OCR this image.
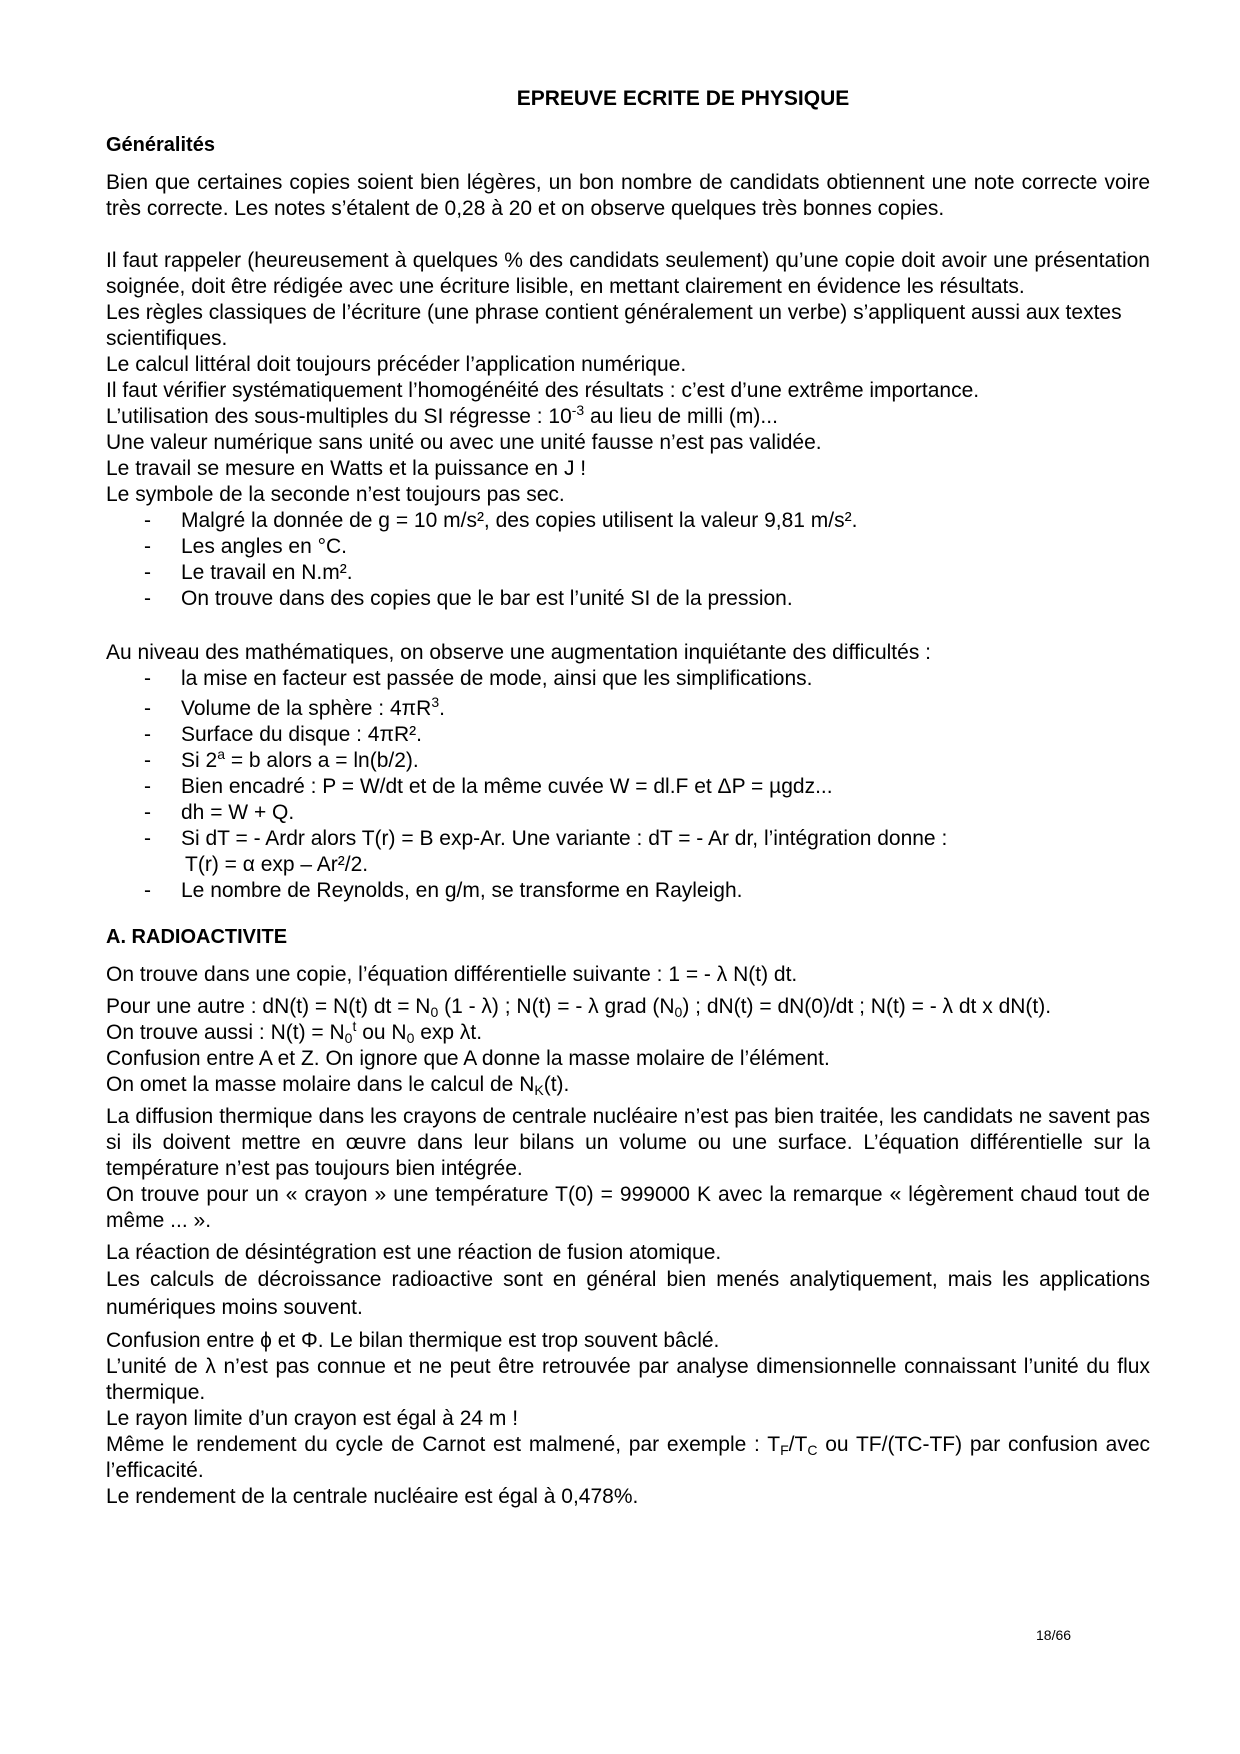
EPREUVE ECRITE DE PHYSIQUE
Généralités

Bien que certaines copies soient bien légères, un bon nombre de candidats obtiennent une note correcte voire très correcte. Les notes s’étalent de 0,28 à 20 et on observe quelques très bonnes copies.

Il faut rappeler (heureusement à quelques % des candidats seulement) qu’une copie doit avoir une présentation soignée, doit être rédigée avec une écriture lisible, en mettant clairement en évidence les résultats.

Les règles classiques de l’écriture (une phrase contient généralement un verbe) s’appliquent aussi aux textes scientifiques.

Le calcul littéral doit toujours précéder l’application numérique.

Il faut vérifier systématiquement l’homogénéité des résultats : c’est d’une extrême importance.

L’utilisation des sous-multiples du SI régresse : $10^{-3}$ au lieu de milli (m)...

Une valeur numérique sans unité ou avec une unité fausse n’est pas validée.

Le travail se mesure en Watts et la puissance en J !

Le symbole de la seconde n’est toujours pas sec.

- Malgré la donnée de g = 10 m/s², des copies utilisent la valeur 9,81 m/s².
- Les angles en °C.
- Le travail en N.m².
- On trouve dans des copies que le bar est l’unité SI de la pression.

Au niveau des mathématiques, on observe une augmentation inquiétante des difficultés :

- la mise en facteur est passée de mode, ainsi que les simplifications.
- Volume de la sphère : $4\pi R^3$.
- Surface du disque : 4πR².
- Si $2^a = b$ alors a = ln(b/2).
- Bien encadré : P = W/dt et de la même cuvée W = dl.F et ΔP = µgdz...
- dh = W + Q.
- Si dT = - Ardr alors T(r) = B exp-Ar. Une variante : dT = - Ar dr, l’intégration donne :
T(r) = α exp – Ar²/2.
- Le nombre de Reynolds, en g/m, se transforme en Rayleigh.
A. RADIOACTIVITE

On trouve dans une copie, l’équation différentielle suivante : 1 = - λ N(t) dt.

Pour une autre : dN(t) = N(t) dt = $N_0$ (1 - λ) ; N(t) = - λ grad $(N_0)$ ; dN(t) = dN(0)/dt ; N(t) = - λ dt x dN(t).

On trouve aussi : $N(t) = N_0^t$ ou $N_0$ exp λt.

Confusion entre A et Z. On ignore que A donne la masse molaire de l’élément.

On omet la masse molaire dans le calcul de $N_K(t)$.

La diffusion thermique dans les crayons de centrale nucléaire n’est pas bien traitée, les candidats ne savent pas si ils doivent mettre en œuvre dans leur bilans un volume ou une surface. L’équation différentielle sur la température n’est pas toujours bien intégrée.

On trouve pour un « crayon » une température T(0) = 999000 K avec la remarque « légèrement chaud tout de même ... ».

La réaction de désintégration est une réaction de fusion atomique.

Les calculs de décroissance radioactive sont en général bien menés analytiquement, mais les applications numériques moins souvent.

Confusion entre ϕ et Φ. Le bilan thermique est trop souvent bâclé.

L’unité de λ n’est pas connue et ne peut être retrouvée par analyse dimensionnelle connaissant l’unité du flux thermique.

Le rayon limite d’un crayon est égal à 24 m !

Même le rendement du cycle de Carnot est malmené, par exemple : $T_F/T_C$ ou TF/(TC-TF) par confusion avec l’efficacité.

Le rendement de la centrale nucléaire est égal à 0,478%.

18/66
